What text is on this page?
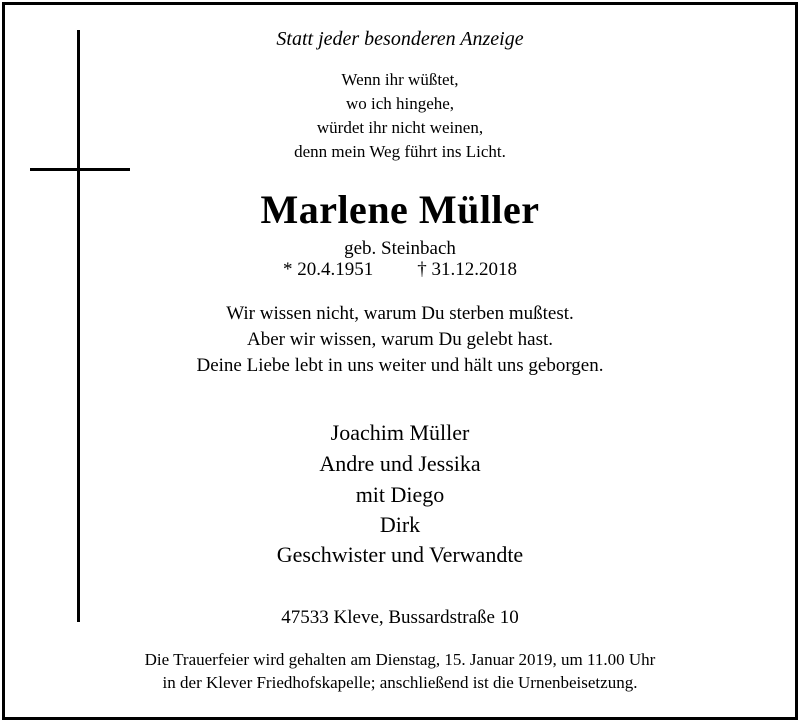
Statt jeder besonderen Anzeige
Wenn ihr wüßtet,
wo ich hingehe,
würdet ihr nicht weinen,
denn mein Weg führt ins Licht.
Marlene Müller
geb. Steinbach
* 20.4.1951 † 31.12.2018
Wir wissen nicht, warum Du sterben mußtest.
Aber wir wissen, warum Du gelebt hast.
Deine Liebe lebt in uns weiter und hält uns geborgen.
Joachim Müller
Andre und Jessika
mit Diego
Dirk
Geschwister und Verwandte
47533 Kleve, Bussardstraße 10
Die Trauerfeier wird gehalten am Dienstag, 15. Januar 2019, um 11.00 Uhr
in der Klever Friedhofskapelle; anschließend ist die Urnenbeisetzung.
